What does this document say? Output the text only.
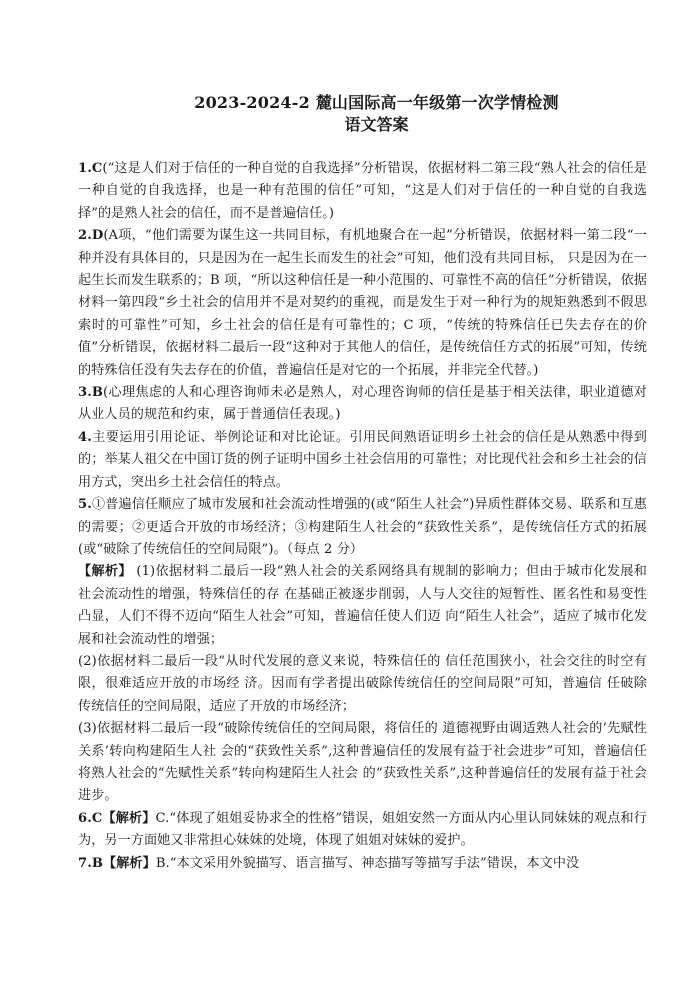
2023-2024-2 麓山国际高一年级第一次学情检测
语文答案

1.C(“这是人们对于信任的一种自觉的自我选择”分析错误，依据材料二第三段“熟人社会的信任是一种自觉的自我选择，也是一种有范围的信任”可知，“这是人们对于信任的一种自觉的自我选择”的是熟人社会的信任，而不是普遍信任。)

2.D(A项，“他们需要为谋生这一共同目标，有机地聚合在一起”分析错误，依据材料一第二段“一种并没有具体目的，只是因为在一起生长而发生的社会”可知，他们没有共同目标， 只是因为在一起生长而发生联系的；B 项，“所以这种信任是一种小范围的、可靠性不高的信任”分析错误，依据材料一第四段“乡土社会的信用并不是对契约的重视，而是发生于对一种行为的规矩熟悉到不假思索时的可靠性”可知，乡土社会的信任是有可靠性的；C 项，“传统的特殊信任已失去存在的价值”分析错误，依据材料二最后一段“这种对于其他人的信任，是传统信任方式的拓展”可知，传统的特殊信任没有失去存在的价值，普遍信任是对它的一个拓展，并非完全代替。)

3.B(心理焦虑的人和心理咨询师未必是熟人，对心理咨询师的信任是基于相关法律，职业道德对从业人员的规范和约束，属于普通信任表现。)

4.主要运用引用论证、举例论证和对比论证。引用民间熟语证明乡土社会的信任是从熟悉中得到的；举某人祖父在中国订货的例子证明中国乡土社会信用的可靠性；对比现代社会和乡土社会的信用方式，突出乡土社会信任的特点。

5.①普遍信任顺应了城市发展和社会流动性增强的(或“陌生人社会”)异质性群体交易、联系和互惠的需要；②更适合开放的市场经济；③构建陌生人社会的“获致性关系”，是传统信任方式的拓展(或“破除了传统信任的空间局限”)。（每点 2 分）

【解析】 (1)依据材料二最后一段“熟人社会的关系网络具有规制的影响力；但由于城市化发展和社会流动性的增强，特殊信任的存 在基础正被逐步削弱，人与人交往的短暂性、匿名性和易变性凸显，人们不得不迈向“陌生人社会”可知，普遍信任使人们迈 向“陌生人社会”，适应了城市化发展和社会流动性的增强；

(2)依据材料二最后一段“从时代发展的意义来说，特殊信任的 信任范围狭小，社会交往的时空有限，很难适应开放的市场经 济。因而有学者提出破除传统信任的空间局限”可知，普遍信 任破除传统信任的空间局限，适应了开放的市场经济；

(3)依据材料二最后一段“破除传统信任的空间局限，将信任的 道德视野由调适熟人社会的‘先赋性关系’转向构建陌生人社 会的“获致性关系”,这种普遍信任的发展有益于社会进步”可知，普遍信任将熟人社会的“先赋性关系”转向构建陌生人社会 的“获致性关系”,这种普遍信任的发展有益于社会进步。

6.C【解析】C.“体现了姐姐妥协求全的性格”错误，姐姐安然一方面从内心里认同妹妹的观点和行为，另一方面她又非常担心妹妹的处境，体现了姐姐对妹妹的爱护。

7.B【解析】B.“本文采用外貌描写、语言描写、神态描写等描写手法”错误，本文中没
